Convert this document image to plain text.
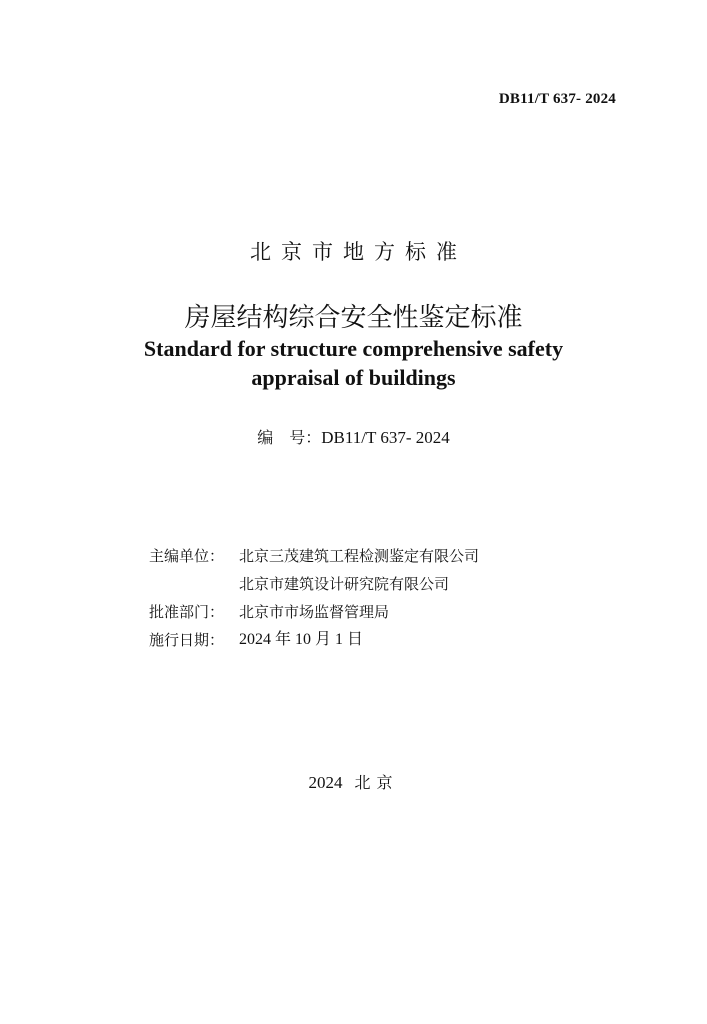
DB11/T 637- 2024
北京市地方标准
房屋结构综合安全性鉴定标准
Standard for structure comprehensive safety
appraisal of buildings
编　号：DB11/T 637- 2024
主编单位： 北京三茂建筑工程检测鉴定有限公司
北京市建筑设计研究院有限公司
批准部门： 北京市市场监督管理局
施行日期： 2024 年 10 月 1 日
2024 北京
